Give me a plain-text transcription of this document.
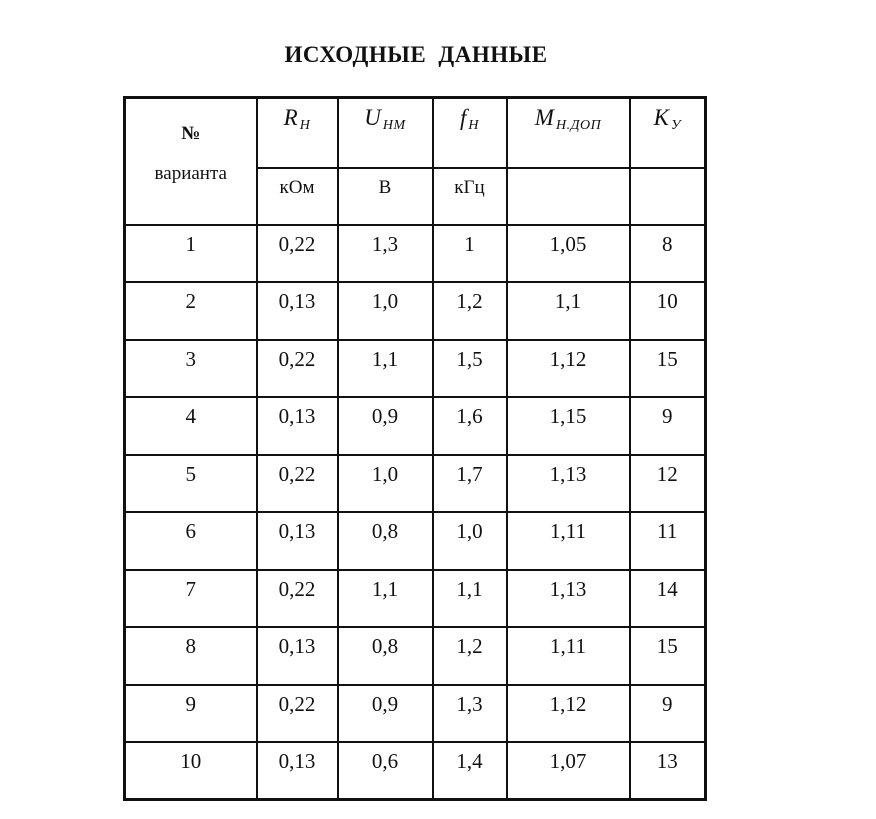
ИСХОДНЫЕ ДАННЫЕ
№
варианта	R $_Н$	U $_{НМ}$	f $_Н$	M $_{Н.ДОП}$	K $_У$
	кОм	В	кГц		
1	0,22	1,3	1	1,05	8
2	0,13	1,0	1,2	1,1	10
3	0,22	1,1	1,5	1,12	15
4	0,13	0,9	1,6	1,15	9
5	0,22	1,0	1,7	1,13	12
6	0,13	0,8	1,0	1,11	11
7	0,22	1,1	1,1	1,13	14
8	0,13	0,8	1,2	1,11	15
9	0,22	0,9	1,3	1,12	9
10	0,13	0,6	1,4	1,07	13
